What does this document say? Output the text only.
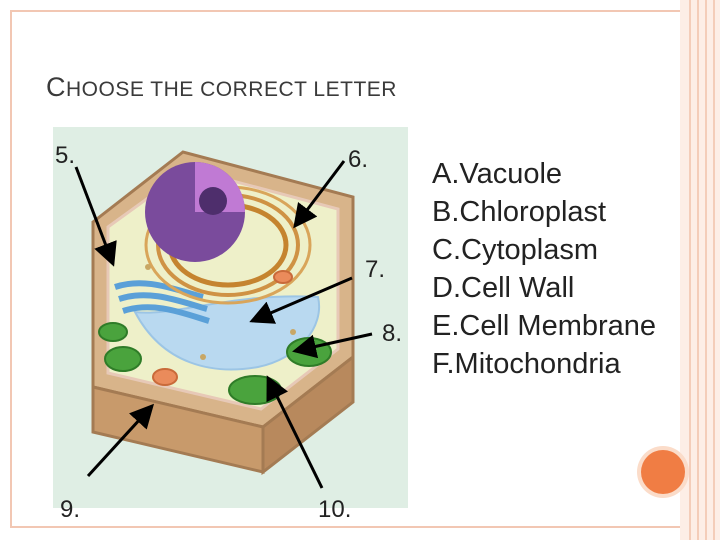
CHOOSE THE CORRECT LETTER
5.	6.
7.
8.
9.	10.
A.Vacuole
B.Chloroplast
C.Cytoplasm
D.Cell Wall
E.Cell Membrane
F.Mitochondria
